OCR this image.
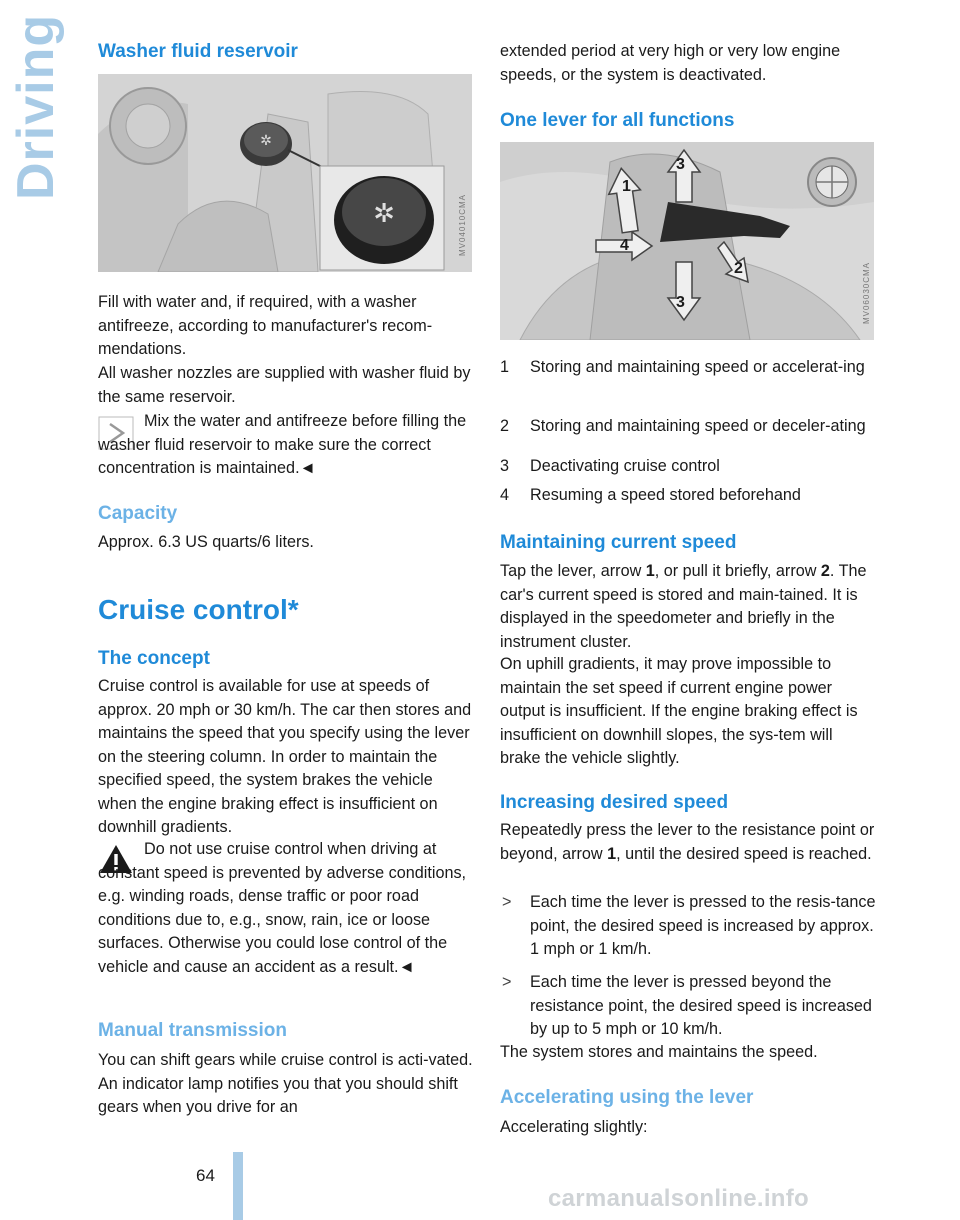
Driving Washer fluid reservoir
✲
✲	MV04010CMA

Fill with water and, if required, with a washer antifreeze, according to manufacturer's recom-mendations.

All washer nozzles are supplied with washer fluid by the same reservoir.

Mix the water and antifreeze before filling the washer fluid reservoir to make sure the correct concentration is maintained.◄

Capacity

Approx. 6.3 US quarts/6 liters.

Cruise control*
The concept

Cruise control is available for use at speeds of approx. 20 mph or 30 km/h. The car then stores and maintains the speed that you specify using the lever on the steering column. In order to maintain the specified speed, the system brakes the vehicle when the engine braking effect is insufficient on downhill gradients.

Do not use cruise control when driving at constant speed is prevented by adverse conditions, e.g. winding roads, dense traffic or poor road conditions due to, e.g., snow, rain, ice or loose surfaces. Otherwise you could lose control of the vehicle and cause an accident as a result.◄

Manual transmission

You can shift gears while cruise control is acti-vated. An indicator lamp notifies you that you should shift gears when you drive for an

extended period at very high or very low engine speeds, or the system is deactivated.

One lever for all functions
1
2
3
3
4
MV06030CMA
1 Storing and maintaining speed or accelerat-ing
2 Storing and maintaining speed or deceler-ating
3 Deactivating cruise control
4 Resuming a speed stored beforehand
Maintaining current speed

Tap the lever, arrow 1, or pull it briefly, arrow 2. The car's current speed is stored and main-tained. It is displayed in the speedometer and briefly in the instrument cluster.

On uphill gradients, it may prove impossible to maintain the set speed if current engine power output is insufficient. If the engine braking effect is insufficient on downhill slopes, the sys-tem will brake the vehicle slightly.

Increasing desired speed

Repeatedly press the lever to the resistance point or beyond, arrow 1, until the desired speed is reached.

> Each time the lever is pressed to the resis-tance point, the desired speed is increased by approx. 1 mph or 1 km/h.
> Each time the lever is pressed beyond the resistance point, the desired speed is increased by up to 5 mph or 10 km/h.

The system stores and maintains the speed.

Accelerating using the lever

Accelerating slightly:

64
carmanualsonline.info
